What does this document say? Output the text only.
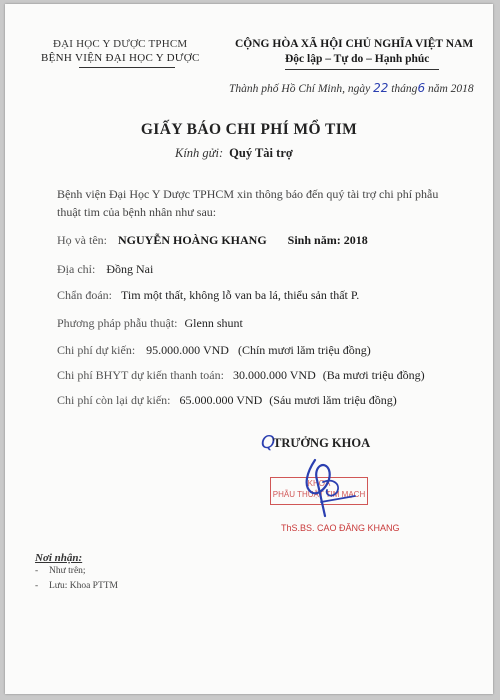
ĐẠI HỌC Y DƯỢC TPHCM
BỆNH VIỆN ĐẠI HỌC Y DƯỢC
CỘNG HÒA XÃ HỘI CHỦ NGHĨA VIỆT NAM
Độc lập – Tự do – Hạnh phúc
Thành phố Hồ Chí Minh, ngày 22 tháng6 năm 2018
GIẤY BÁO CHI PHÍ MỔ TIM
Kính gửi: Quý Tài trợ
Bệnh viện Đại Học Y Dược TPHCM xin thông báo đến quý tài trợ chi phí phẫu
thuật tim của bệnh nhân như sau:
Họ và tên: NGUYỄN HOÀNG KHANG Sinh năm: 2018
Địa chỉ: Đồng Nai
Chẩn đoán: Tim một thất, không lỗ van ba lá, thiểu sản thất P.
Phương pháp phẫu thuật: Glenn shunt
Chi phí dự kiến: 95.000.000 VND (Chín mươi lăm triệu đồng)
Chi phí BHYT dự kiến thanh toán: 30.000.000 VND (Ba mươi triệu đồng)
Chi phí còn lại dự kiến: 65.000.000 VND (Sáu mươi lăm triệu đồng)
Q
TRƯỞNG KHOA
KHOA
PHẪU THUẬT TIM MẠCH
ThS.BS. CAO ĐĂNG KHANG
Nơi nhận:
- Như trên;
- Lưu: Khoa PTTM
